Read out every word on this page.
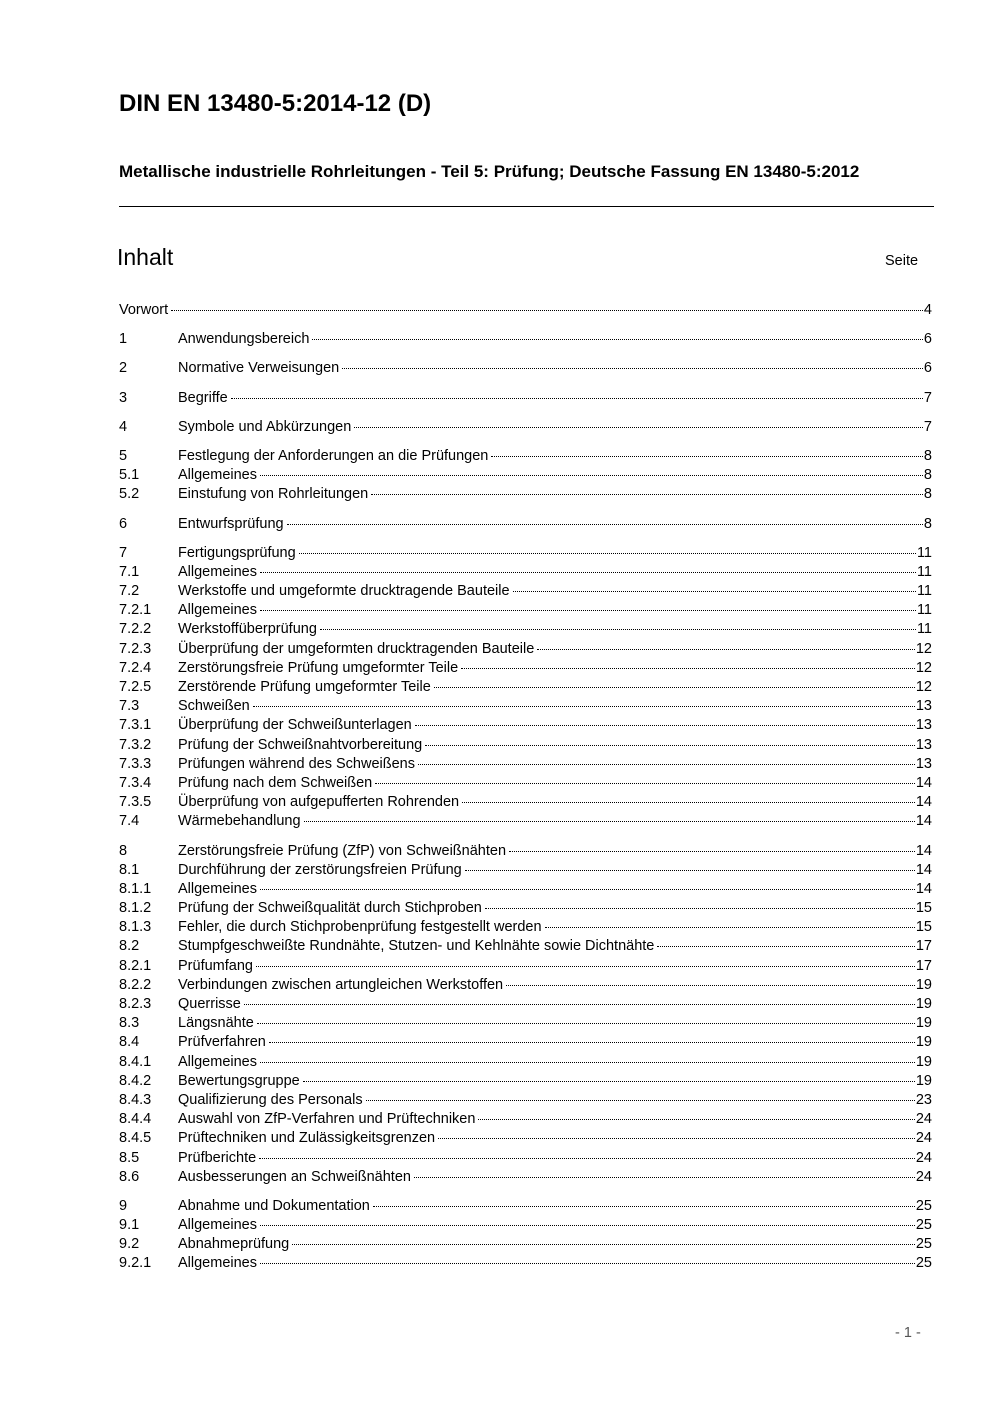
DIN EN 13480-5:2014-12 (D)
Metallische industrielle Rohrleitungen - Teil 5: Prüfung; Deutsche Fassung EN 13480-5:2012
Inhalt	Seite
Vorwort	4
1	Anwendungsbereich	6
2	Normative Verweisungen	6
3	Begriffe	7
4	Symbole und Abkürzungen	7
5	Festlegung der Anforderungen an die Prüfungen	8
5.1	Allgemeines	8
5.2	Einstufung von Rohrleitungen	8
6	Entwurfsprüfung	8
7	Fertigungsprüfung	11
7.1	Allgemeines	11
7.2	Werkstoffe und umgeformte drucktragende Bauteile	11
7.2.1	Allgemeines	11
7.2.2	Werkstoffüberprüfung	11
7.2.3	Überprüfung der umgeformten drucktragenden Bauteile	12
7.2.4	Zerstörungsfreie Prüfung umgeformter Teile	12
7.2.5	Zerstörende Prüfung umgeformter Teile	12
7.3	Schweißen	13
7.3.1	Überprüfung der Schweißunterlagen	13
7.3.2	Prüfung der Schweißnahtvorbereitung	13
7.3.3	Prüfungen während des Schweißens	13
7.3.4	Prüfung nach dem Schweißen	14
7.3.5	Überprüfung von aufgepufferten Rohrenden	14
7.4	Wärmebehandlung	14
8	Zerstörungsfreie Prüfung (ZfP) von Schweißnähten	14
8.1	Durchführung der zerstörungsfreien Prüfung	14
8.1.1	Allgemeines	14
8.1.2	Prüfung der Schweißqualität durch Stichproben	15
8.1.3	Fehler, die durch Stichprobenprüfung festgestellt werden	15
8.2	Stumpfgeschweißte Rundnähte, Stutzen- und Kehlnähte sowie Dichtnähte	17
8.2.1	Prüfumfang	17
8.2.2	Verbindungen zwischen artungleichen Werkstoffen	19
8.2.3	Querrisse	19
8.3	Längsnähte	19
8.4	Prüfverfahren	19
8.4.1	Allgemeines	19
8.4.2	Bewertungsgruppe	19
8.4.3	Qualifizierung des Personals	23
8.4.4	Auswahl von ZfP-Verfahren und Prüftechniken	24
8.4.5	Prüftechniken und Zulässigkeitsgrenzen	24
8.5	Prüfberichte	24
8.6	Ausbesserungen an Schweißnähten	24
9	Abnahme und Dokumentation	25
9.1	Allgemeines	25
9.2	Abnahmeprüfung	25
9.2.1	Allgemeines	25
- 1 -
